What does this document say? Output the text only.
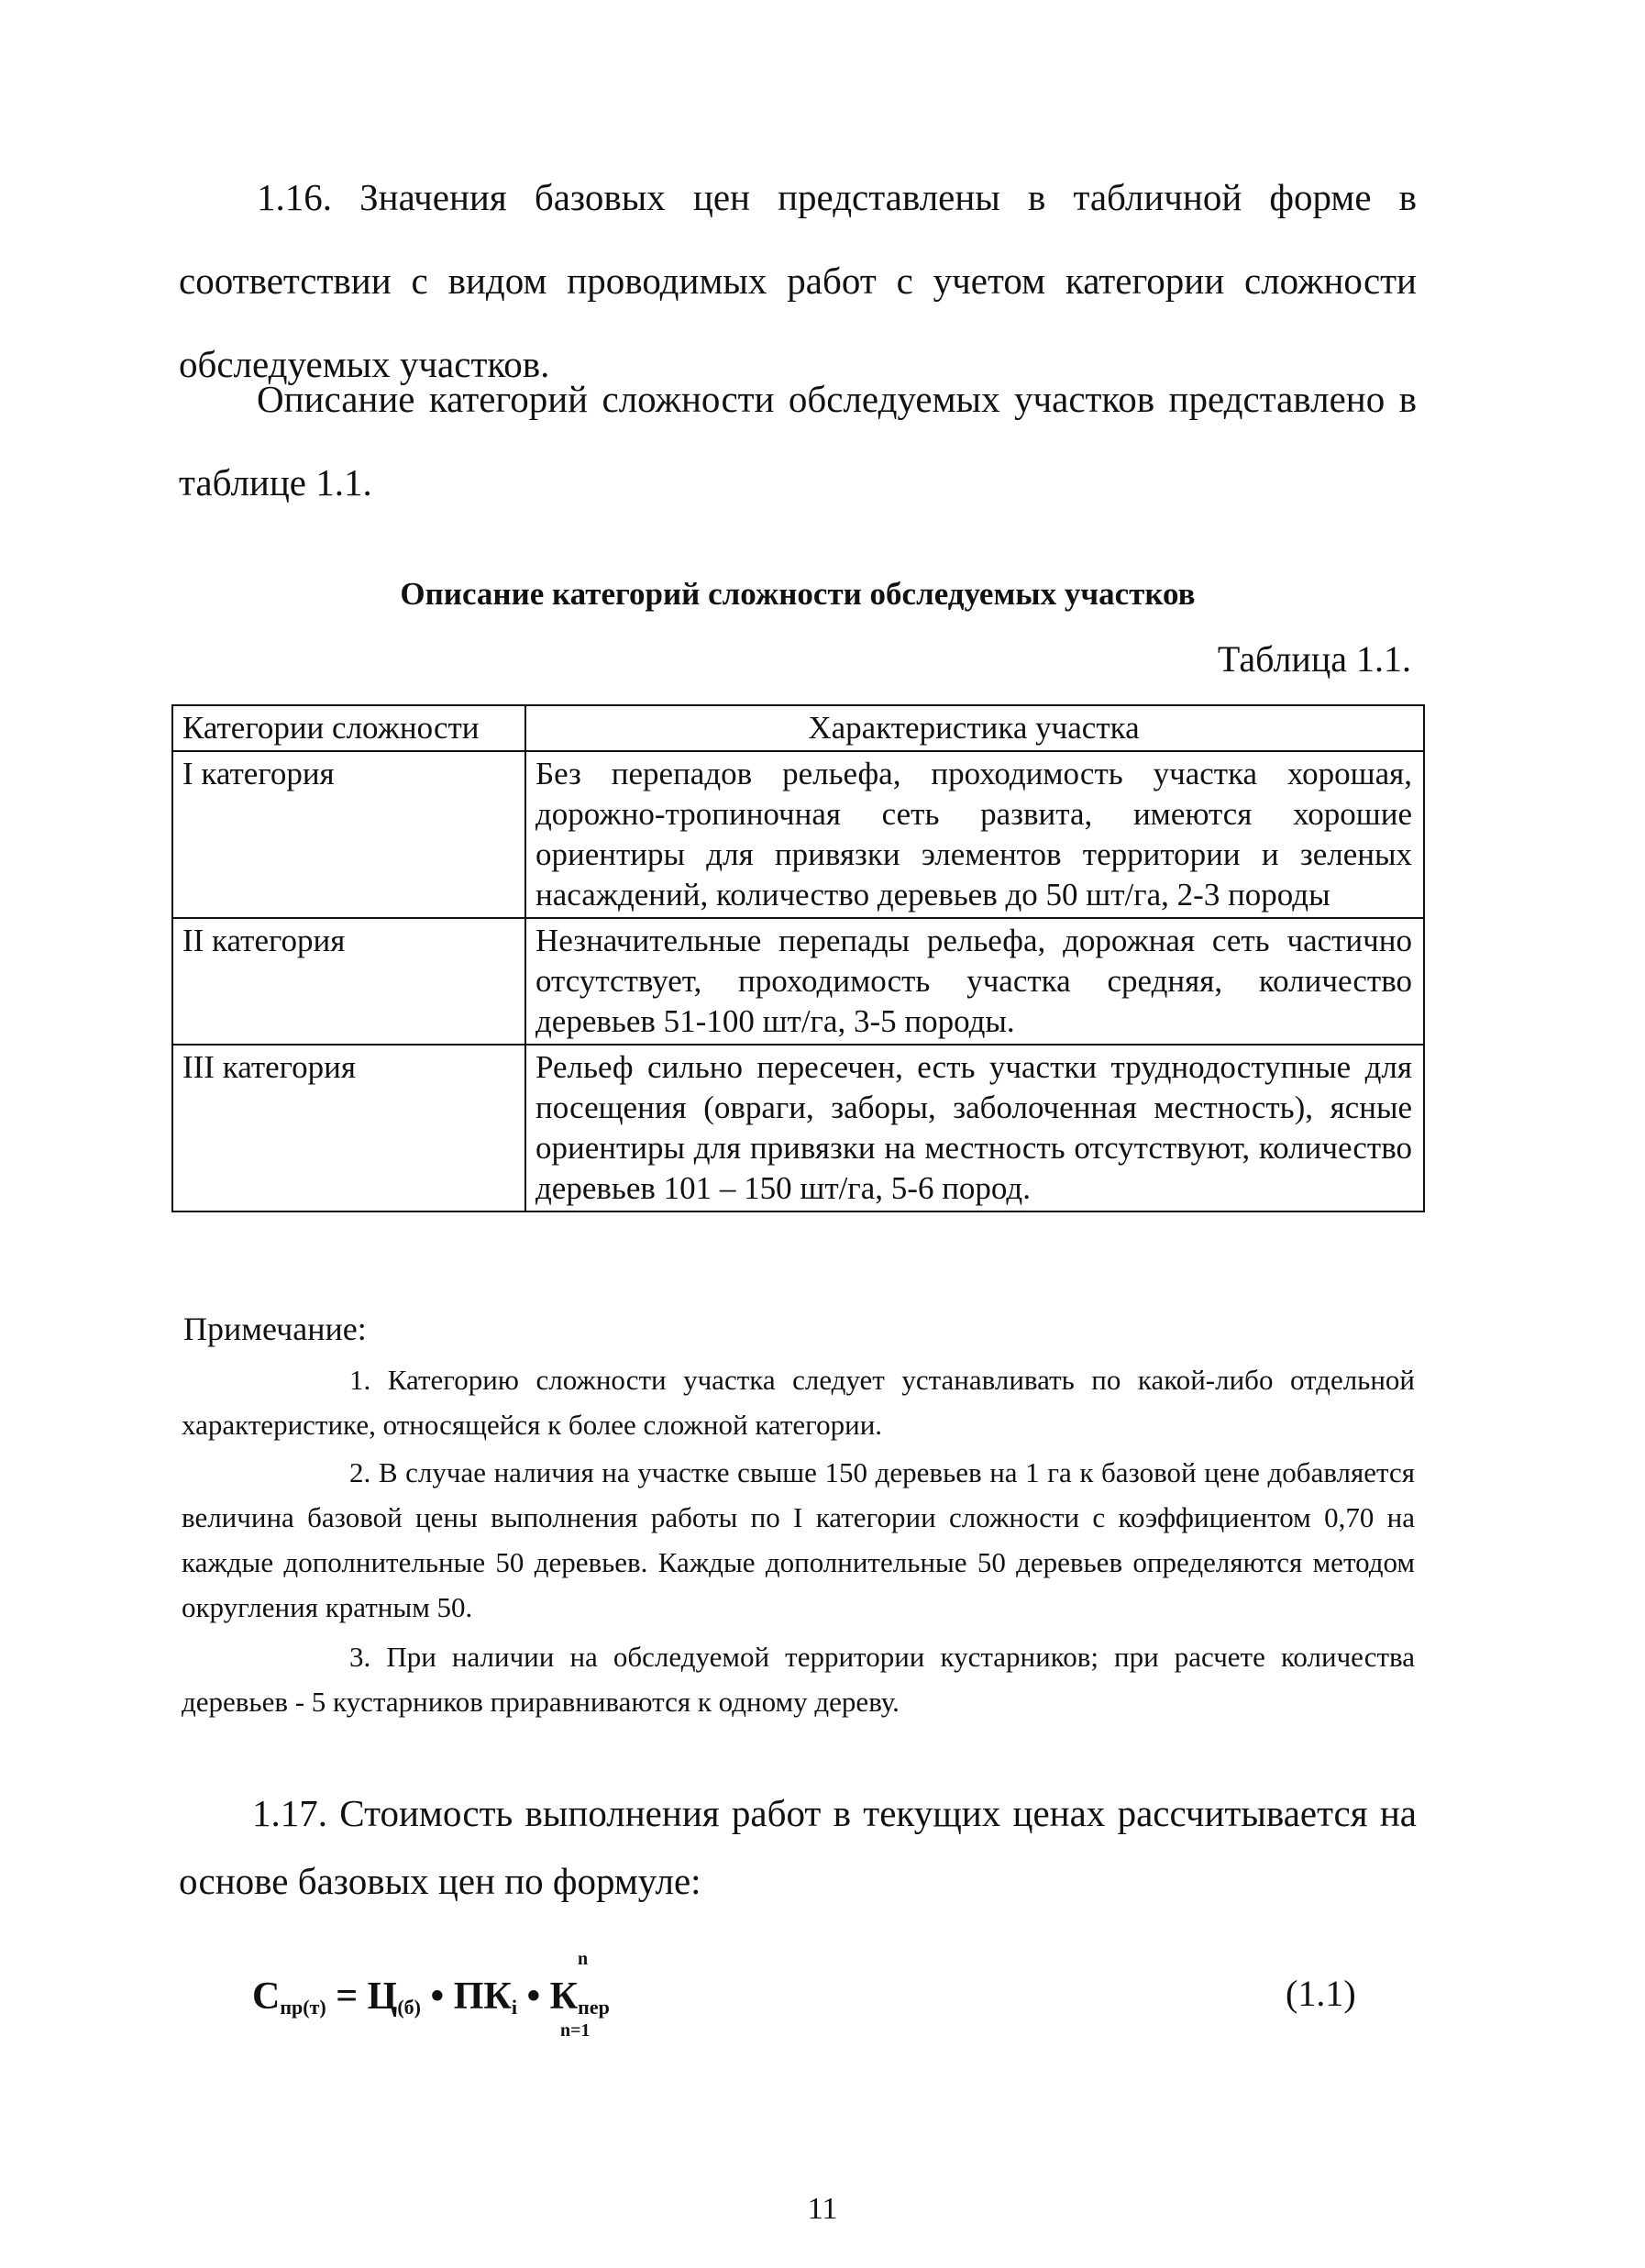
1.16. Значения базовых цен представлены в табличной форме в соответствии с видом проводимых работ с учетом категории сложности обследуемых участков.

Описание категорий сложности обследуемых участков представлено в таблице 1.1.

Описание категорий сложности обследуемых участков

Таблица 1.1.

Категории сложности	Характеристика участка
I категория	Без перепадов рельефа, проходимость участка хорошая, дорожно-тропиночная сеть развита, имеются хорошие ориентиры для привязки элементов территории и зеленых насаждений, количество деревьев до 50 шт/га, 2-3 породы
II категория	Незначительные перепады рельефа, дорожная сеть частично отсутствует, проходимость участка средняя, количество деревьев 51-100 шт/га, 3-5 породы.
III категория	Рельеф сильно пересечен, есть участки труднодоступные для посещения (овраги, заборы, заболоченная местность), ясные ориентиры для привязки на местность отсутствуют, количество деревьев 101 – 150 шт/га, 5-6 пород.

Примечание:

1. Категорию сложности участка следует устанавливать по какой-либо отдельной характеристике, относящейся к более сложной категории.

2. В случае наличия на участке свыше 150 деревьев на 1 га к базовой цене добавляется величина базовой цены выполнения работы по I категории сложности с коэффициентом 0,70 на каждые дополнительные 50 деревьев. Каждые дополнительные 50 деревьев определяются методом округления кратным 50.

3. При наличии на обследуемой территории кустарников; при расчете количества деревьев - 5 кустарников приравниваются к одному дереву.

1.17. Стоимость выполнения работ в текущих ценах рассчитывается на основе базовых цен по формуле:

n
$С_{пр(т)} = Ц_{(б)}$ • $ПК_i$ • $К_{пер}$
n=1

(1.1)

11
